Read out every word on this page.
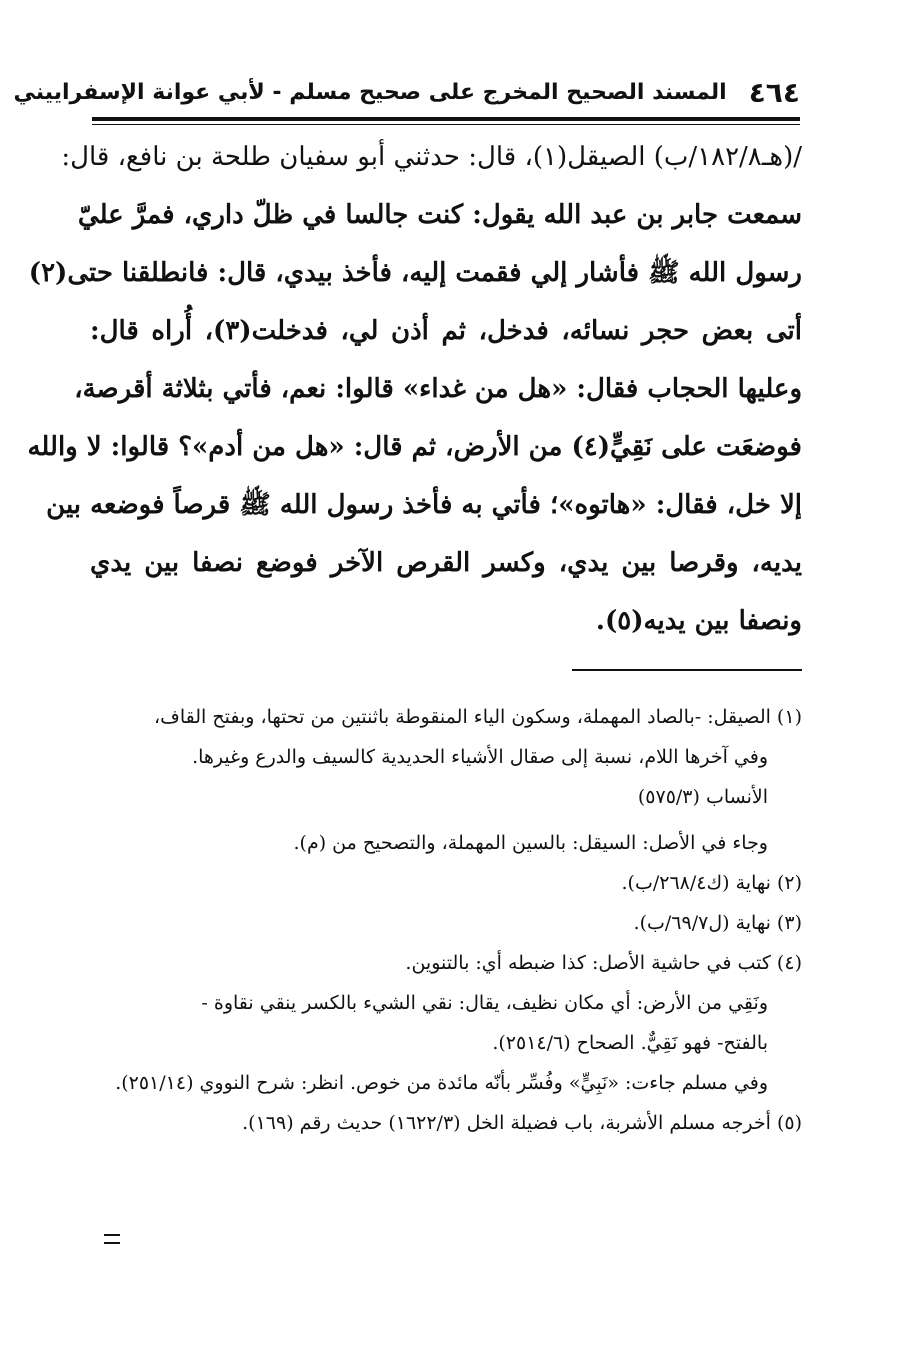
٤٦٤
المسند الصحيح المخرج على صحيح مسلم - لأبي عوانة الإسفراييني
/(هـ١٨٢/٨/ب) الصيقل(١)، قال: حدثني أبو سفيان طلحة بن نافع، قال:
سمعت جابر بن عبد الله يقول: كنت جالسا في ظلّ داري، فمرَّ عليّ
رسول الله ﷺ فأشار إلي فقمت إليه، فأخذ بيدي، قال: فانطلقنا حتى(٢)
أتى بعض حجر نسائه، فدخل، ثم أذن لي، فدخلت(٣)، أُراه قال:
وعليها الحجاب فقال: «هل من غداء» قالوا: نعم، فأتي بثلاثة أقرصة،
فوضعَت على نَقِيٍّ(٤) من الأرض، ثم قال: «هل من أدم»؟ قالوا: لا والله
إلا خل، فقال: «هاتوه»؛ فأتي به فأخذ رسول الله ﷺ قرصاً فوضعه بين
يديه، وقرصا بين يدي، وكسر القرص الآخر فوضع نصفا بين يدي
ونصفا بين يديه(٥).
(١) الصيقل: -بالصاد المهملة، وسكون الياء المنقوطة باثنتين من تحتها، وبفتح القاف،
وفي آخرها اللام، نسبة إلى صقال الأشياء الحديدية كالسيف والدرع وغيرها.
الأنساب (٥٧٥/٣)
وجاء في الأصل: السيقل: بالسين المهملة، والتصحيح من (م).
(٢) نهاية (ك٢٦٨/٤/ب).
(٣) نهاية (ل٦٩/٧/ب).
(٤) كتب في حاشية الأصل: كذا ضبطه أي: بالتنوين.
ونَقِي من الأرض: أي مكان نظيف، يقال: نقي الشيء بالكسر ينقي نقاوة -
بالفتح- فهو نَقِيٌّ. الصحاح (٢٥١٤/٦).
وفي مسلم جاءت: «نَبِيٍّ» وفُسِّر بأنّه مائدة من خوص. انظر: شرح النووي (٢٥١/١٤).
(٥) أخرجه مسلم الأشربة، باب فضيلة الخل (١٦٢٢/٣) حديث رقم (١٦٩).
